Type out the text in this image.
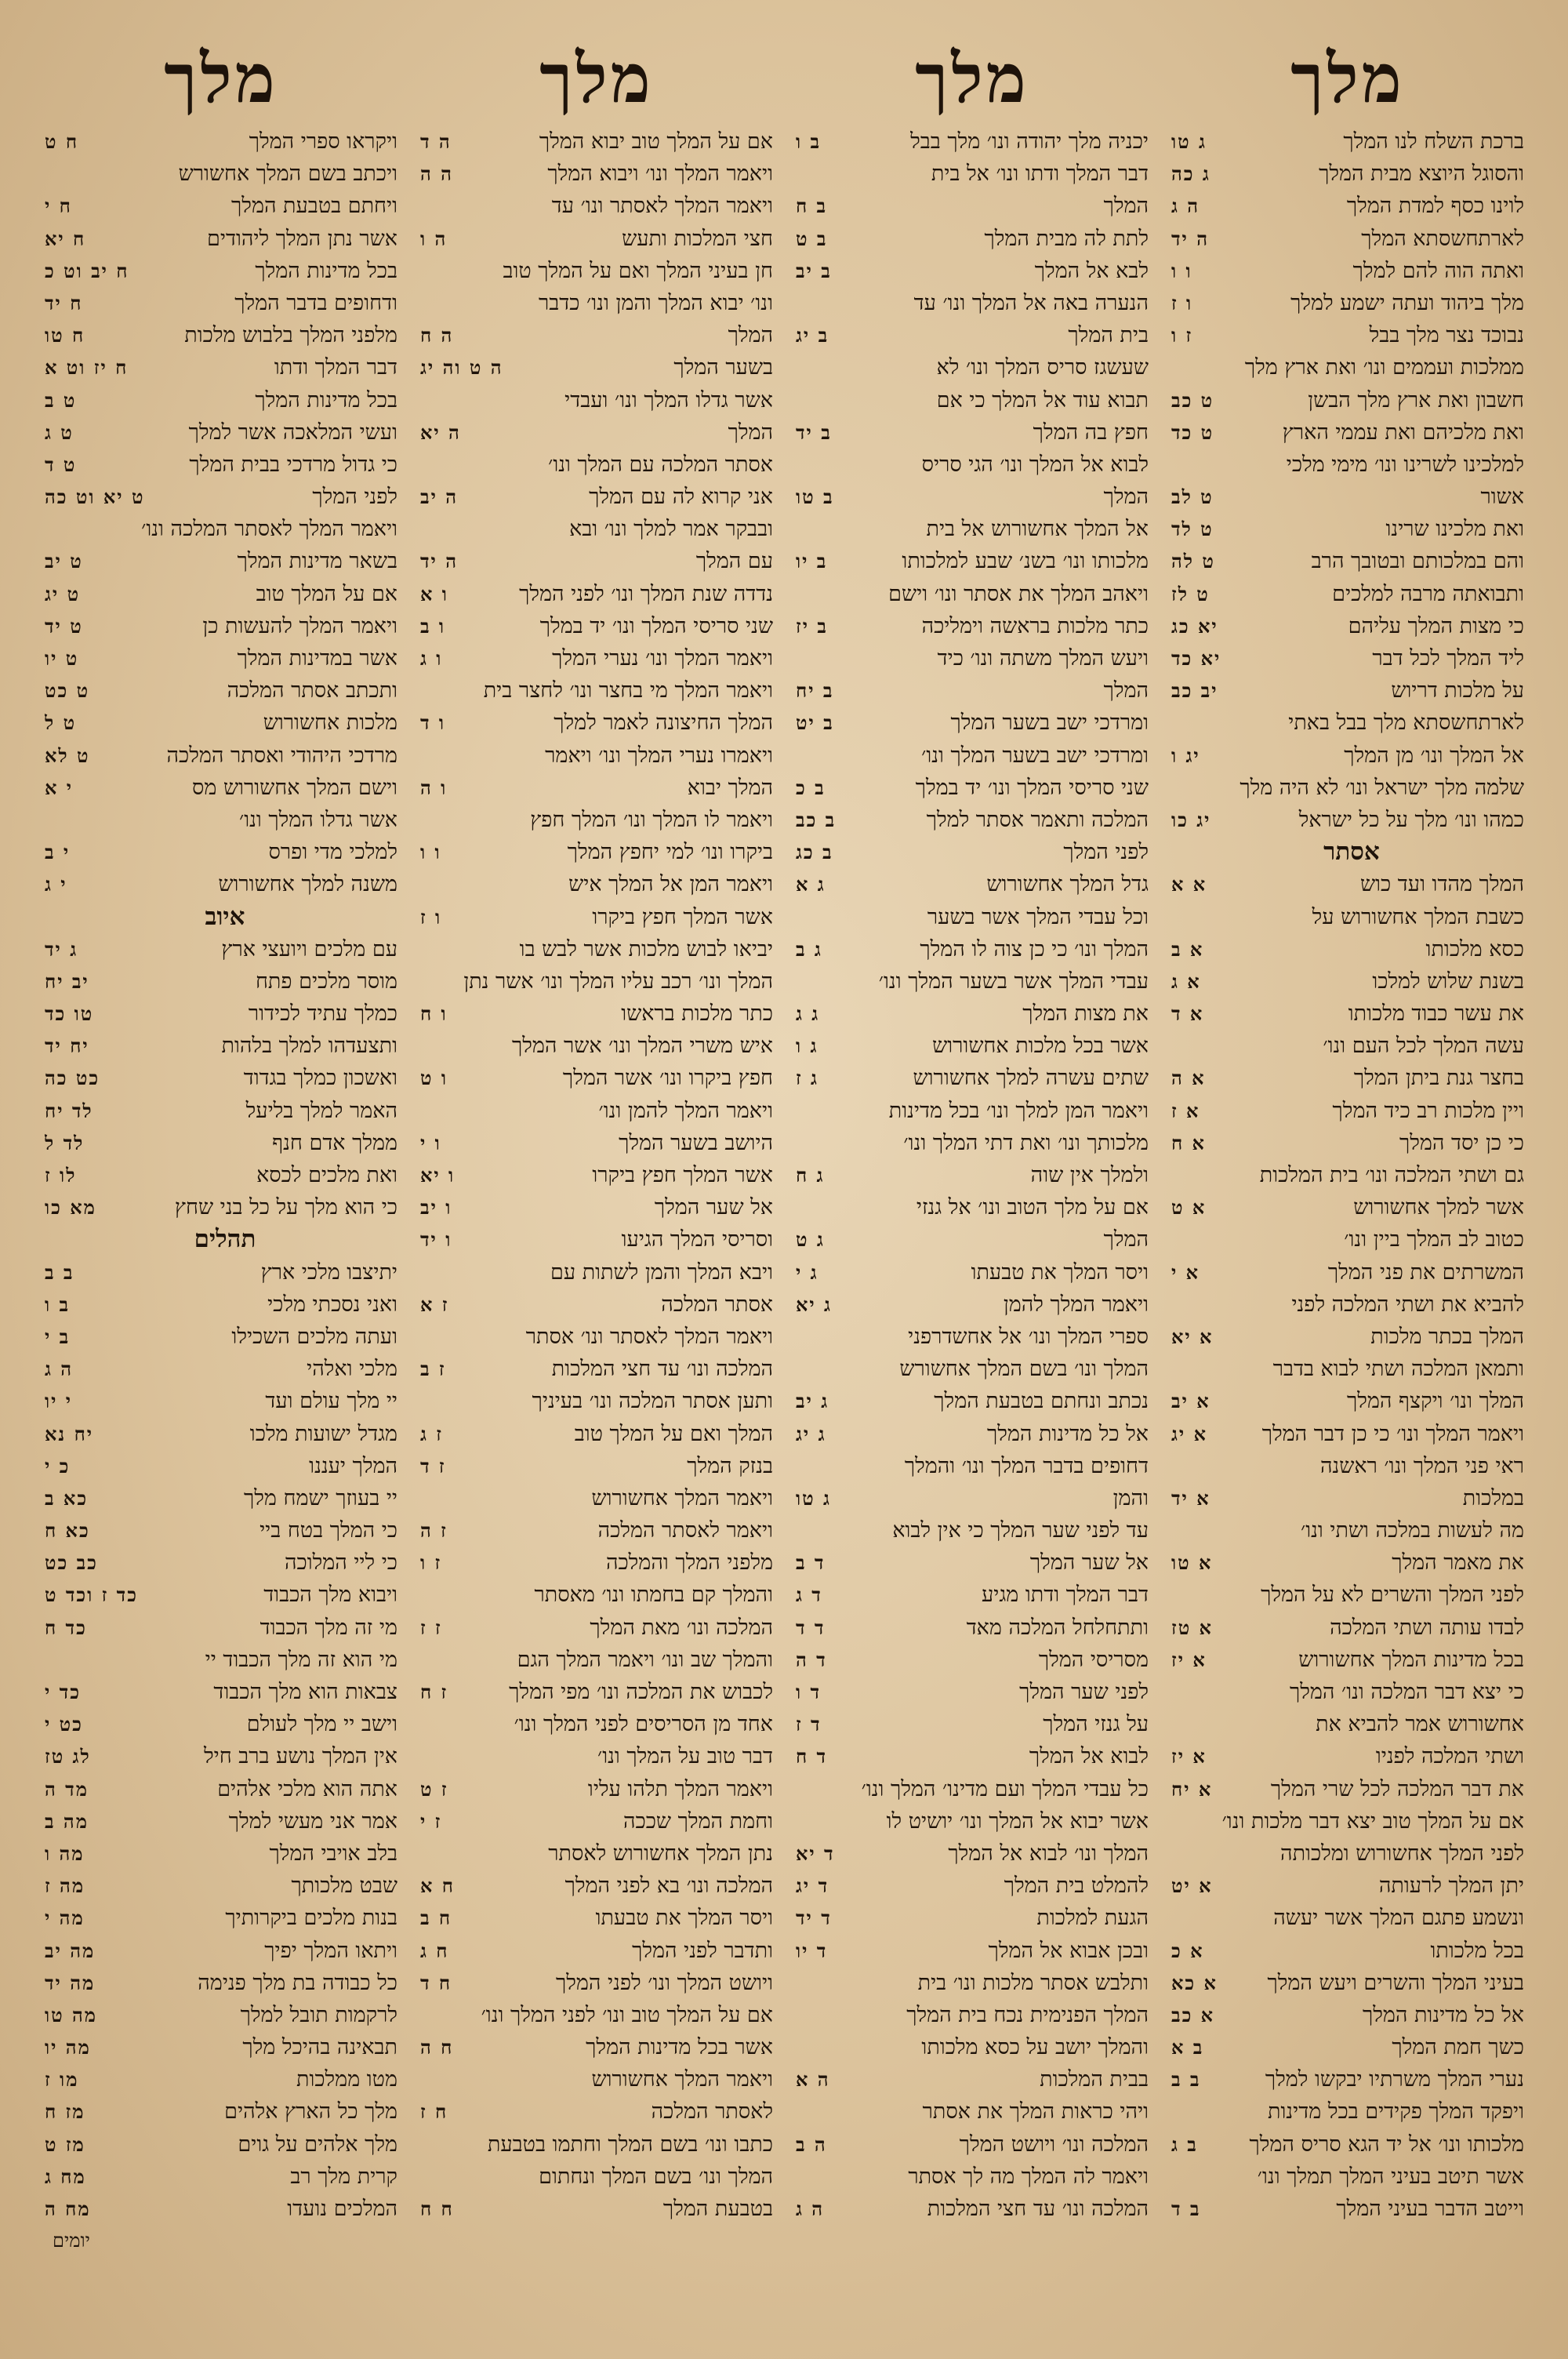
מלך
ברכת השלח לנו המלך
ג טו
והסוגל היוצא מבית המלך
ג כה
לוינו כסף למדת המלך
ה ג
לארתחשסתא המלך
ה יד
ואתה הוה להם למלך
ו ו
מלך ביהוד ועתה ישמע למלך
ו ז
נבוכד נצר מלך בבל
ז ו
ממלכות ועממים ונו׳ ואת ארץ מלך
חשבון ואת ארץ מלך הבשן
ט כב
ואת מלכיהם ואת עממי הארץ
ט כד
למלכינו לשרינו ונו׳ מימי מלכי
אשור
ט לב
ואת מלכינו שרינו
ט לד
והם במלכותם ובטובך הרב
ט לה
ותבואתה מרבה למלכים
ט לז
כי מצות המלך עליהם
יא כג
ליד המלך לכל דבר
יא כד
על מלכות דריוש
יב כב
לארתחשסתא מלך בבל באתי
אל המלך ונו׳ מן המלך
יג ו
שלמה מלך ישראל ונו׳ לא היה מלך
כמהו ונו׳ מלך על כל ישראל
יג כו
אסתר
המלך מהדו ועד כוש
א א
כשבת המלך אחשורוש על
כסא מלכותו
א ב
בשנת שלוש למלכו
א ג
את עשר כבוד מלכותו
א ד
עשה המלך לכל העם ונו׳
בחצר גנת ביתן המלך
א ה
ויין מלכות רב כיד המלך
א ז
כי כן יסד המלך
א ח
גם ושתי המלכה ונו׳ בית המלכות
אשר למלך אחשורוש
א ט
כטוב לב המלך ביין ונו׳
המשרתים את פני המלך
א י
להביא את ושתי המלכה לפני
המלך בכתר מלכות
א יא
ותמאן המלכה ושתי לבוא בדבר
המלך ונו׳ ויקצף המלך
א יב
ויאמר המלך ונו׳ כי כן דבר המלך
א יג
ראי פני המלך ונו׳ ראשנה
במלכות
א יד
מה לעשות במלכה ושתי ונו׳
את מאמר המלך
א טו
לפני המלך והשרים לא על המלך
לבדו עותה ושתי המלכה
א טז
בכל מדינות המלך אחשורוש
א יז
כי יצא דבר המלכה ונו׳ המלך
אחשורוש אמר להביא את
ושתי המלכה לפניו
א יז
את דבר המלכה לכל שרי המלך
א יח
אם על המלך טוב יצא דבר מלכות ונו׳
לפני המלך אחשורוש ומלכותה
יתן המלך לרעותה
א יט
ונשמע פתגם המלך אשר יעשה
בכל מלכותו
א כ
בעיני המלך והשרים ויעש המלך
א כא
אל כל מדינות המלך
א כב
כשך חמת המלך
ב א
נערי המלך משרתיו יבקשו למלך
ב ב
ויפקד המלך פקידים בכל מדינות
מלכותו ונו׳ אל יד הגא סריס המלך
ב ג
אשר תיטב בעיני המלך תמלך ונו׳
וייטב הדבר בעיני המלך
ב ד
מלך
יכניה מלך יהודה ונו׳ מלך בבל
ב ו
דבר המלך ודתו ונו׳ אל בית
המלך
ב ח
לתת לה מבית המלך
ב ט
לבא אל המלך
ב יב
הנערה באה אל המלך ונו׳ עד
בית המלך
ב יג
שעשגז סריס המלך ונו׳ לא
תבוא עוד אל המלך כי אם
חפץ בה המלך
ב יד
לבוא אל המלך ונו׳ הגי סריס
המלך
ב טו
אל המלך אחשורוש אל בית
מלכותו ונו׳ בשנ׳ שבע למלכותו
ב יו
ויאהב המלך את אסתר ונו׳ וישם
כתר מלכות בראשה וימליכה
ב יז
ויעש המלך משתה ונו׳ כיד
המלך
ב יח
ומרדכי ישב בשער המלך
ב יט
ומרדכי ישב בשער המלך ונו׳
שני סריסי המלך ונו׳ יד במלך
ב כ
המלכה ותאמר אסתר למלך
ב כב
לפני המלך
ב כג
גדל המלך אחשורוש
ג א
וכל עבדי המלך אשר בשער
המלך ונו׳ כי כן צוה לו המלך
ג ב
עבדי המלך אשר בשער המלך ונו׳
את מצות המלך
ג ג
אשר בכל מלכות אחשורוש
ג ו
שתים עשרה למלך אחשורוש
ג ז
ויאמר המן למלך ונו׳ בכל מדינות
מלכותך ונו׳ ואת דתי המלך ונו׳
ולמלך אין שוה
ג ח
אם על מלך הטוב ונו׳ אל גנזי
המלך
ג ט
ויסר המלך את טבעתו
ג י
ויאמר המלך להמן
ג יא
ספרי המלך ונו׳ אל אחשדרפני
המלך ונו׳ בשם המלך אחשורש
נכתב ונחתם בטבעת המלך
ג יב
אל כל מדינות המלך
ג יג
דחופים בדבר המלך ונו׳ והמלך
והמן
ג טו
עד לפני שער המלך כי אין לבוא
אל שער המלך
ד ב
דבר המלך ודתו מגיע
ד ג
ותתחלחל המלכה מאד
ד ד
מסריסי המלך
ד ה
לפני שער המלך
ד ו
על גנזי המלך
ד ז
לבוא אל המלך
ד ח
כל עבדי המלך ועם מדינו׳ המלך ונו׳
אשר יבוא אל המלך ונו׳ יושיט לו
המלך ונו׳ לבוא אל המלך
ד יא
להמלט בית המלך
ד יג
הגעת למלכות
ד יד
ובכן אבוא אל המלך
ד יו
ותלבש אסתר מלכות ונו׳ בית
המלך הפנימית נכח בית המלך
והמלך יושב על כסא מלכותו
בבית המלכות
ה א
ויהי כראות המלך את אסתר
המלכה ונו׳ ויושט המלך
ה ב
ויאמר לה המלך מה לך אסתר
המלכה ונו׳ עד חצי המלכות
ה ג
מלך
אם על המלך טוב יבוא המלך
ה ד
ויאמר המלך ונו׳ ויבוא המלך
ה ה
ויאמר המלך לאסתר ונו׳ עד
חצי המלכות ותעש
ה ו
חן בעיני המלך ואם על המלך טוב
ונו׳ יבוא המלך והמן ונו׳ כדבר
המלך
ה ח
בשער המלך
ה ט וה יג
אשר גדלו המלך ונו׳ ועבדי
המלך
ה יא
אסתר המלכה עם המלך ונו׳
אני קרוא לה עם המלך
ה יב
ובבקר אמר למלך ונו׳ ובא
עם המלך
ה יד
נדדה שנת המלך ונו׳ לפני המלך
ו א
שני סריסי המלך ונו׳ יד במלך
ו ב
ויאמר המלך ונו׳ נערי המלך
ו ג
ויאמר המלך מי בחצר ונו׳ לחצר בית
המלך החיצונה לאמר למלך
ו ד
ויאמרו נערי המלך ונו׳ ויאמר
המלך יבוא
ו ה
ויאמר לו המלך ונו׳ המלך חפץ
ביקרו ונו׳ למי יחפץ המלך
ו ו
ויאמר המן אל המלך איש
אשר המלך חפץ ביקרו
ו ז
יביאו לבוש מלכות אשר לבש בו
המלך ונו׳ רכב עליו המלך ונו׳ אשר נתן
כתר מלכות בראשו
ו ח
איש משרי המלך ונו׳ אשר המלך
חפץ ביקרו ונו׳ אשר המלך
ו ט
ויאמר המלך להמן ונו׳
היושב בשער המלך
ו י
אשר המלך חפץ ביקרו
ו יא
אל שער המלך
ו יב
וסריסי המלך הגיעו
ו יד
ויבא המלך והמן לשתות עם
אסתר המלכה
ז א
ויאמר המלך לאסתר ונו׳ אסתר
המלכה ונו׳ עד חצי המלכות
ז ב
ותען אסתר המלכה ונו׳ בעיניך
המלך ואם על המלך טוב
ז ג
בנזק המלך
ז ד
ויאמר המלך אחשורוש
ויאמר לאסתר המלכה
ז ה
מלפני המלך והמלכה
ז ו
והמלך קם בחמתו ונו׳ מאסתר
המלכה ונו׳ מאת המלך
ז ז
והמלך שב ונו׳ ויאמר המלך הגם
לכבוש את המלכה ונו׳ מפי המלך
ז ח
אחד מן הסריסים לפני המלך ונו׳
דבר טוב על המלך ונו׳
ויאמר המלך תלהו עליו
ז ט
וחמת המלך שככה
ז י
נתן המלך אחשורוש לאסתר
המלכה ונו׳ בא לפני המלך
ח א
ויסר המלך את טבעתו
ח ב
ותדבר לפני המלך
ח ג
ויושט המלך ונו׳ לפני המלך
ח ד
אם על המלך טוב ונו׳ לפני המלך ונו׳
אשר בכל מדינות המלך
ח ה
ויאמר המלך אחשורוש
לאסתר המלכה
ח ז
כתבו ונו׳ בשם המלך וחתמו בטבעת
המלך ונו׳ בשם המלך ונחתום
בטבעת המלך
ח ח
מלך
ויקראו ספרי המלך
ח ט
ויכתב בשם המלך אחשורש
ויחתם בטבעת המלך
ח י
אשר נתן המלך ליהודים
ח יא
בכל מדינות המלך
ח יב וט כ
ודחופים בדבר המלך
ח יד
מלפני המלך בלבוש מלכות
ח טו
דבר המלך ודתו
ח יז וט א
בכל מדינות המלך
ט ב
ועשי המלאכה אשר למלך
ט ג
כי גדול מרדכי בבית המלך
ט ד
לפני המלך
ט יא וט כה
ויאמר המלך לאסתר המלכה ונו׳
בשאר מדינות המלך
ט יב
אם על המלך טוב
ט יג
ויאמר המלך להעשות כן
ט יד
אשר במדינות המלך
ט יו
ותכתב אסתר המלכה
ט כט
מלכות אחשורוש
ט ל
מרדכי היהודי ואסתר המלכה
ט לא
וישם המלך אחשורוש מס
י א
אשר גדלו המלך ונו׳
למלכי מדי ופרס
י ב
משנה למלך אחשורוש
י ג
איוב
עם מלכים ויועצי ארץ
ג יד
מוסר מלכים פתח
יב יח
כמלך עתיד לכידור
טו כד
ותצעדהו למלך בלהות
יח יד
ואשכון כמלך בגדוד
כט כה
האמר למלך בליעל
לד יח
ממלך אדם חנף
לד ל
ואת מלכים לכסא
לו ז
כי הוא מלך על כל בני שחץ
מא כו
תהלים
יתיצבו מלכי ארץ
ב ב
ואני נסכתי מלכי
ב ו
ועתה מלכים השכילו
ב י
מלכי ואלהי
ה ג
יי מלך עולם ועד
י יו
מגדל ישועות מלכו
יח נא
המלך יעננו
כ י
יי בעוזך ישמח מלך
כא ב
כי המלך בטח ביי
כא ח
כי ליי המלוכה
כב כט
ויבוא מלך הכבוד
כד ז וכד ט
מי זה מלך הכבוד
כד ח
מי הוא זה מלך הכבוד יי
צבאות הוא מלך הכבוד
כד י
וישב יי מלך לעולם
כט י
אין המלך נושע ברב חיל
לג טז
אתה הוא מלכי אלהים
מד ה
אמר אני מעשי למלך
מה ב
בלב אויבי המלך
מה ו
שבט מלכותך
מה ז
בנות מלכים ביקרותיך
מה י
ויתאו המלך יפיך
מה יב
כל כבודה בת מלך פנימה
מה יד
לרקמות תובל למלך
מה טו
תבאינה בהיכל מלך
מה יו
מטו ממלכות
מו ז
מלך כל הארץ אלהים
מז ח
מלך אלהים על גוים
מז ט
קרית מלך רב
מח ג
המלכים נועדו
מח ה
יומים
